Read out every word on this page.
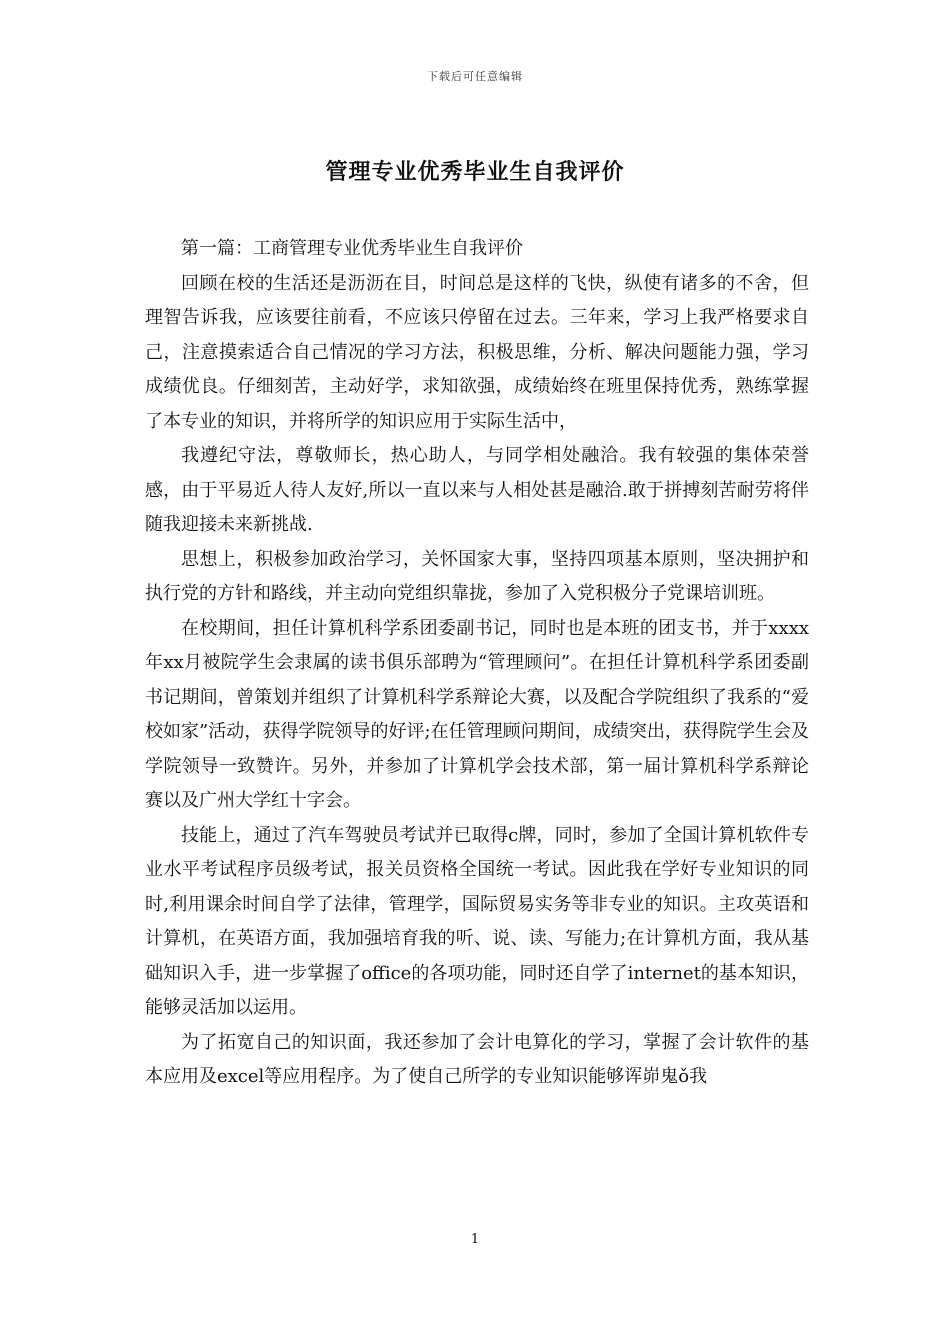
下载后可任意编辑
管理专业优秀毕业生自我评价

第一篇：工商管理专业优秀毕业生自我评价

回顾在校的生活还是沥沥在目，时间总是这样的飞快，纵使有诸多的不舍，但理智告诉我，应该要往前看，不应该只停留在过去。三年来，学习上我严格要求自己，注意摸索适合自己情况的学习方法，积极思维，分析、解决问题能力强，学习成绩优良。仔细刻苦，主动好学，求知欲强，成绩始终在班里保持优秀，熟练掌握了本专业的知识，并将所学的知识应用于实际生活中，

我遵纪守法，尊敬师长，热心助人，与同学相处融洽。我有较强的集体荣誉感，由于平易近人待人友好,所以一直以来与人相处甚是融洽.敢于拼搏刻苦耐劳将伴随我迎接未来新挑战.

思想上，积极参加政治学习，关怀国家大事，坚持四项基本原则，坚决拥护和执行党的方针和路线，并主动向党组织靠拢，参加了入党积极分子党课培训班。

在校期间，担任计算机科学系团委副书记，同时也是本班的团支书，并于xxxx年xx月被院学生会隶属的读书俱乐部聘为“管理顾问”。在担任计算机科学系团委副书记期间，曾策划并组织了计算机科学系辩论大赛，以及配合学院组织了我系的“爱校如家”活动，获得学院领导的好评;在任管理顾问期间，成绩突出，获得院学生会及学院领导一致赞许。另外，并参加了计算机学会技术部，第一届计算机科学系辩论赛以及广州大学红十字会。

技能上，通过了汽车驾驶员考试并已取得c牌，同时，参加了全国计算机软件专业水平考试程序员级考试，报关员资格全国统一考试。因此我在学好专业知识的同时,利用课余时间自学了法律，管理学，国际贸易实务等非专业的知识。主攻英语和计算机，在英语方面，我加强培育我的听、说、读、写能力;在计算机方面，我从基础知识入手，进一步掌握了office的各项功能，同时还自学了internet的基本知识，能够灵活加以运用。

为了拓宽自己的知识面，我还参加了会计电算化的学习，掌握了会计软件的基本应用及excel等应用程序。为了使自己所学的专业知识能够诨峁鬼ǒ我

1
